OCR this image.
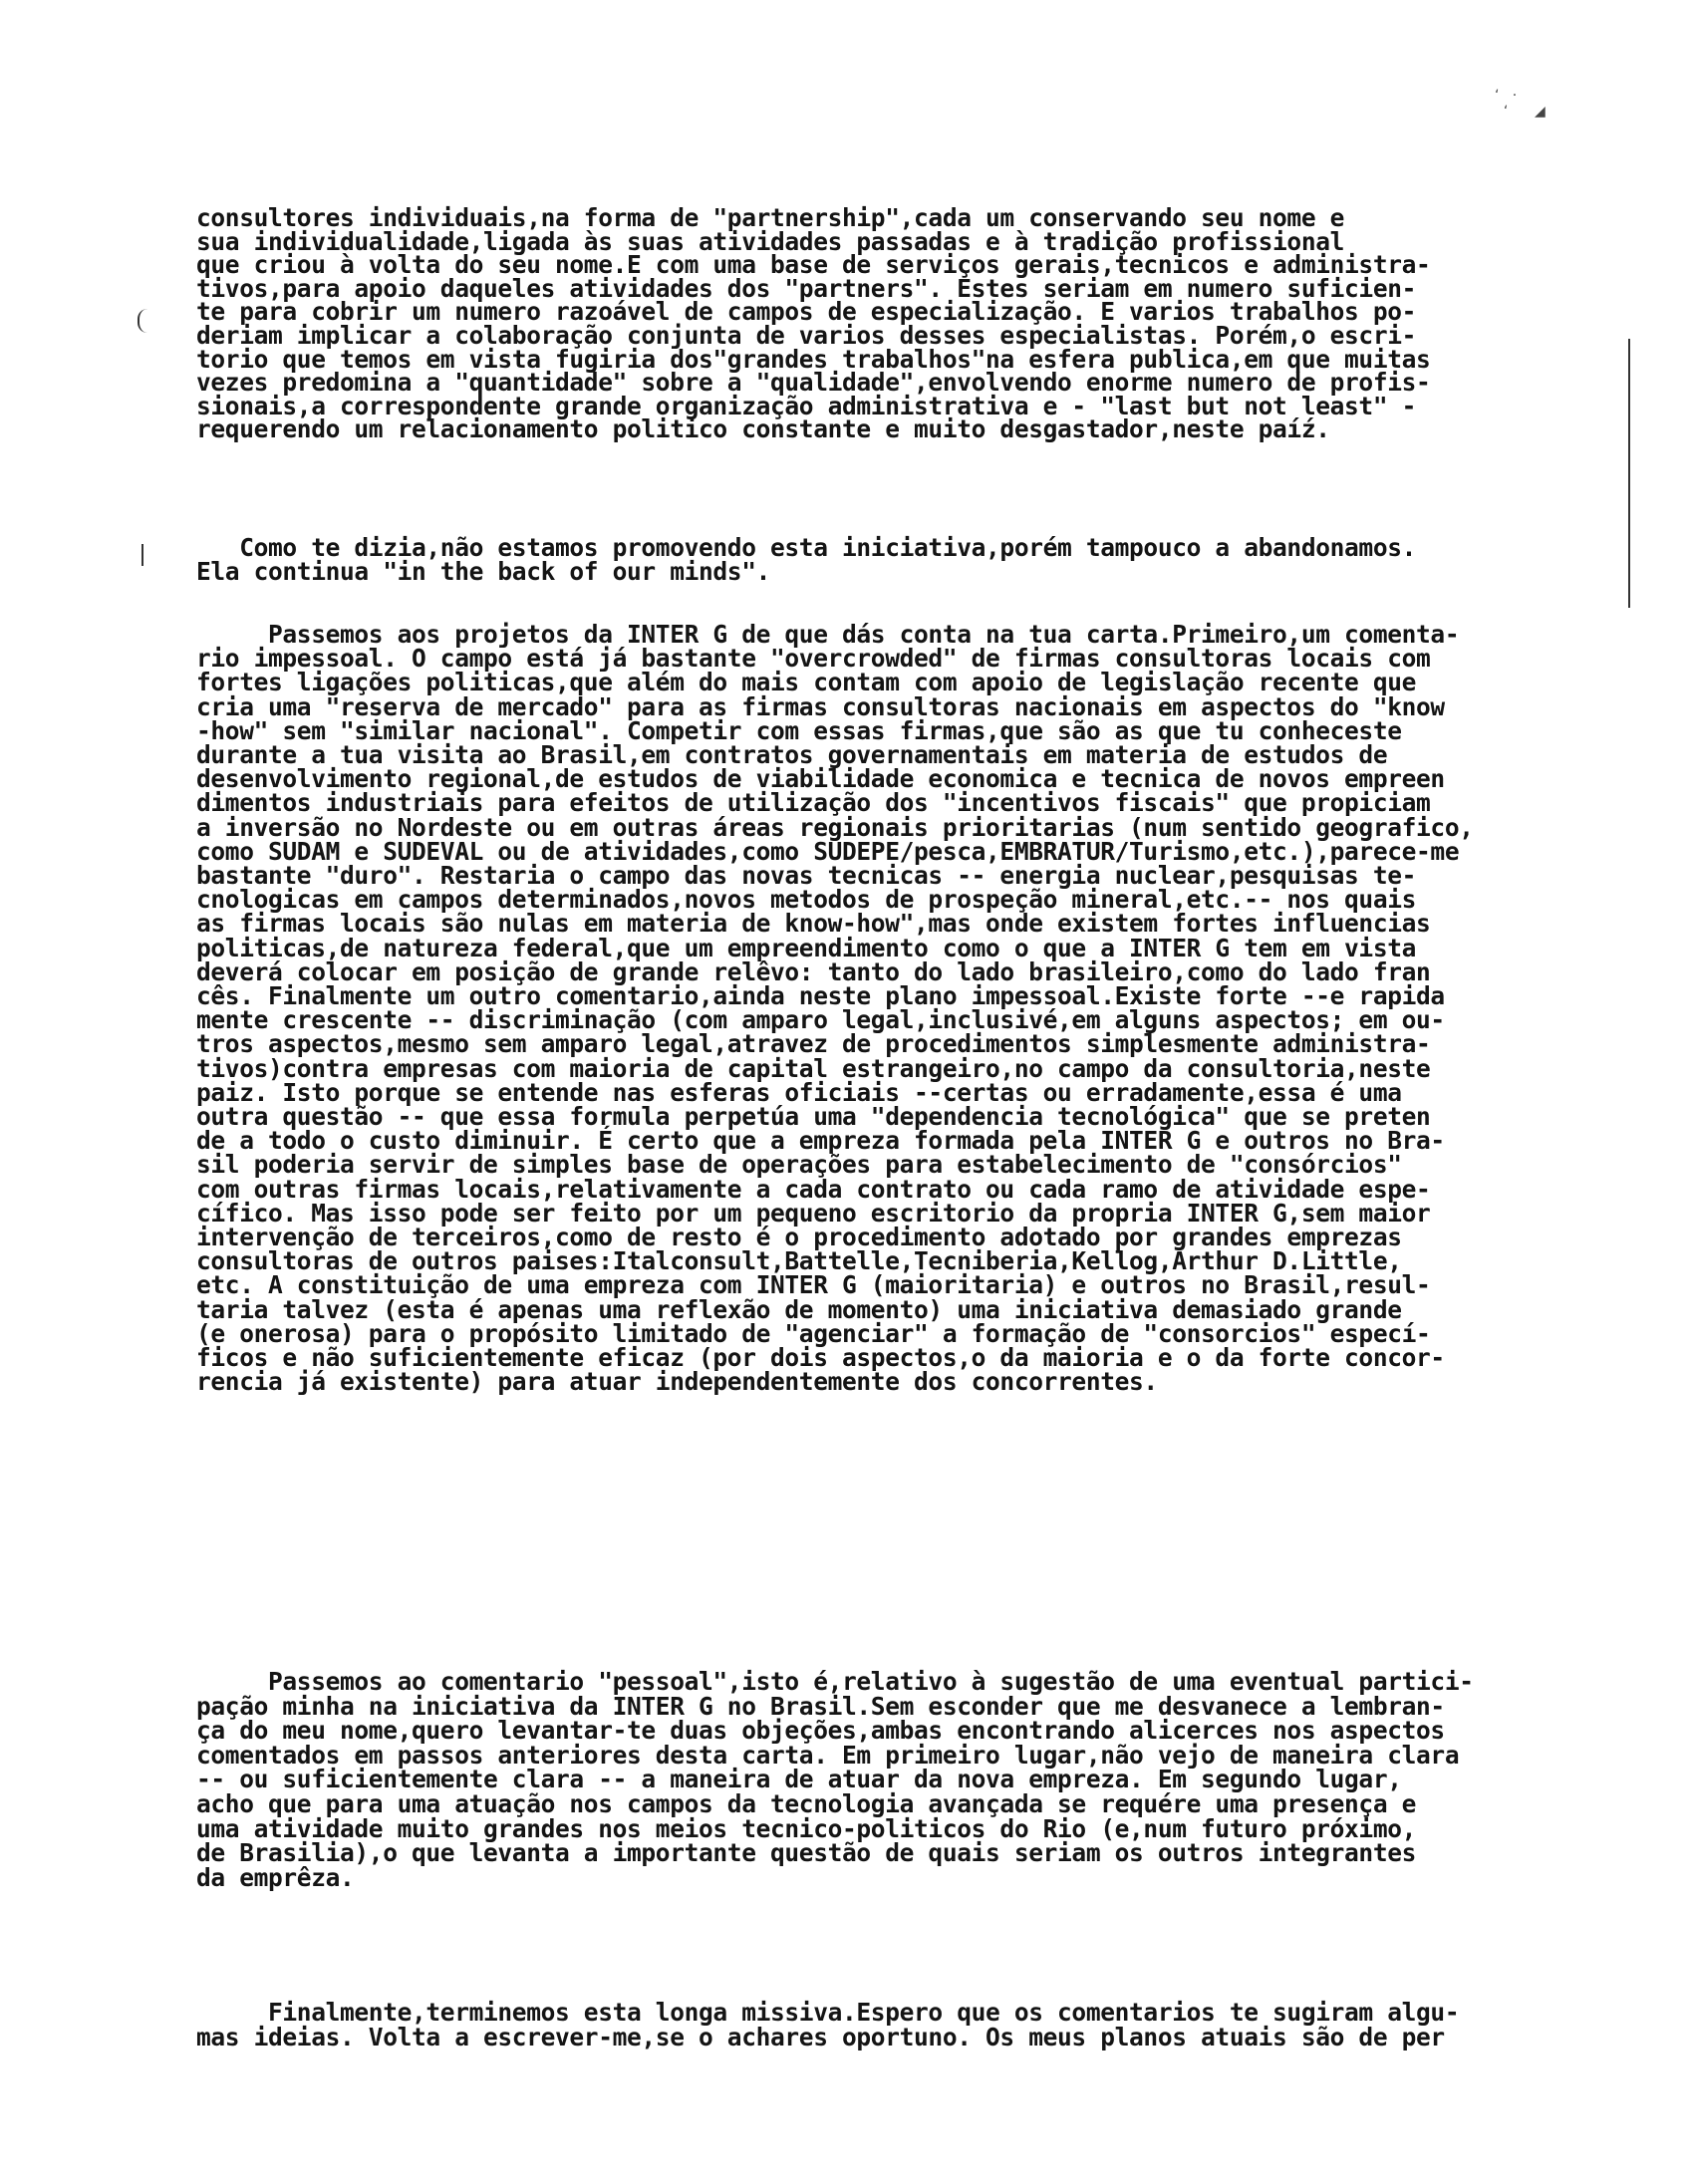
‘   ·
‘      ◢
consultores individuais,na forma de "partnership",cada um conservando seu nome e
sua individualidade,ligada às suas atividades passadas e à tradição profissional
que criou à volta do seu nome.E com uma base de serviços gerais,tecnicos e administra-
tivos,para apoio daqueles atividades dos "partners". Estes seriam em numero suficien-
te para cobrir um numero razoável de campos de especialização. E varios trabalhos po-
deriam implicar a colaboração conjunta de varios desses especialistas. Porém,o escri-
torio que temos em vista fugiria dos"grandes trabalhos"na esfera publica,em que muitas
vezes predomina a "quantidade" sobre a "qualidade",envolvendo enorme numero de profis-
sionais,a correspondente grande organização administrativa e - "last but not least" -
requerendo um relacionamento politico constante e muito desgastador,neste paíź.
Como te dizia,não estamos promovendo esta iniciativa,porém tampouco a abandonamos.
Ela continua "in the back of our minds".
Passemos aos projetos da INTER G de que dás conta na tua carta.Primeiro,um comenta-
rio impessoal. O campo está já bastante "overcrowded" de firmas consultoras locais com
fortes ligações politicas,que além do mais contam com apoio de legislação recente que
cria uma "reserva de mercado" para as firmas consultoras nacionais em aspectos do "know
-how" sem "similar nacional". Competir com essas firmas,que são as que tu conheceste
durante a tua visita ao Brasil,em contratos governamentais em materia de estudos de
desenvolvimento regional,de estudos de viabilidade economica e tecnica de novos empreen
dimentos industriais para efeitos de utilização dos "incentivos fiscais" que propiciam
a inversão no Nordeste ou em outras áreas regionais prioritarias (num sentido geografico,
como SUDAM e SUDEVAL ou de atividades,como SUDEPE/pesca,EMBRATUR/Turismo,etc.),parece-me
bastante "duro". Restaria o campo das novas tecnicas -- energia nuclear,pesquisas te-
cnologicas em campos determinados,novos metodos de prospeção mineral,etc.-- nos quais
as firmas locais são nulas em materia de know-how",mas onde existem fortes influencias
politicas,de natureza federal,que um empreendimento como o que a INTER G tem em vista
deverá colocar em posição de grande relêvo: tanto do lado brasileiro,como do lado fran
cês. Finalmente um outro comentario,ainda neste plano impessoal.Existe forte --e rapida
mente crescente -- discriminação (com amparo legal,inclusivé,em alguns aspectos; em ou-
tros aspectos,mesmo sem amparo legal,atravez de procedimentos simplesmente administra-
tivos)contra empresas com maioria de capital estrangeiro,no campo da consultoria,neste
paiz. Isto porque se entende nas esferas oficiais --certas ou erradamente,essa é uma
outra questão -- que essa formula perpetúa uma "dependencia tecnológica" que se preten
de a todo o custo diminuir. É certo que a empreza formada pela INTER G e outros no Bra-
sil poderia servir de simples base de operações para estabelecimento de "consórcios"
com outras firmas locais,relativamente a cada contrato ou cada ramo de atividade espe-
cífico. Mas isso pode ser feito por um pequeno escritorio da propria INTER G,sem maior
intervenção de terceiros,como de resto é o procedimento adotado por grandes emprezas
consultoras de outros paises:Italconsult,Battelle,Tecniberia,Kellog,Arthur D.Little,
etc. A constituição de uma empreza com INTER G (maioritaria) e outros no Brasil,resul-
taria talvez (esta é apenas uma reflexão de momento) uma iniciativa demasiado grande
(e onerosa) para o propósito limitado de "agenciar" a formação de "consorcios" especí-
ficos e não suficientemente eficaz (por dois aspectos,o da maioria e o da forte concor-
rencia já existente) para atuar independentemente dos concorrentes.
Passemos ao comentario "pessoal",isto é,relativo à sugestão de uma eventual partici-
pação minha na iniciativa da INTER G no Brasil.Sem esconder que me desvanece a lembran-
ça do meu nome,quero levantar-te duas objeções,ambas encontrando alicerces nos aspectos
comentados em passos anteriores desta carta. Em primeiro lugar,não vejo de maneira clara
-- ou suficientemente clara -- a maneira de atuar da nova empreza. Em segundo lugar,
acho que para uma atuação nos campos da tecnologia avançada se requére uma presença e
uma atividade muito grandes nos meios tecnico-politicos do Rio (e,num futuro próximo,
de Brasilia),o que levanta a importante questão de quais seriam os outros integrantes
da emprêza.
Finalmente,terminemos esta longa missiva.Espero que os comentarios te sugiram algu-
mas ideias. Volta a escrever-me,se o achares oportuno. Os meus planos atuais são de per
